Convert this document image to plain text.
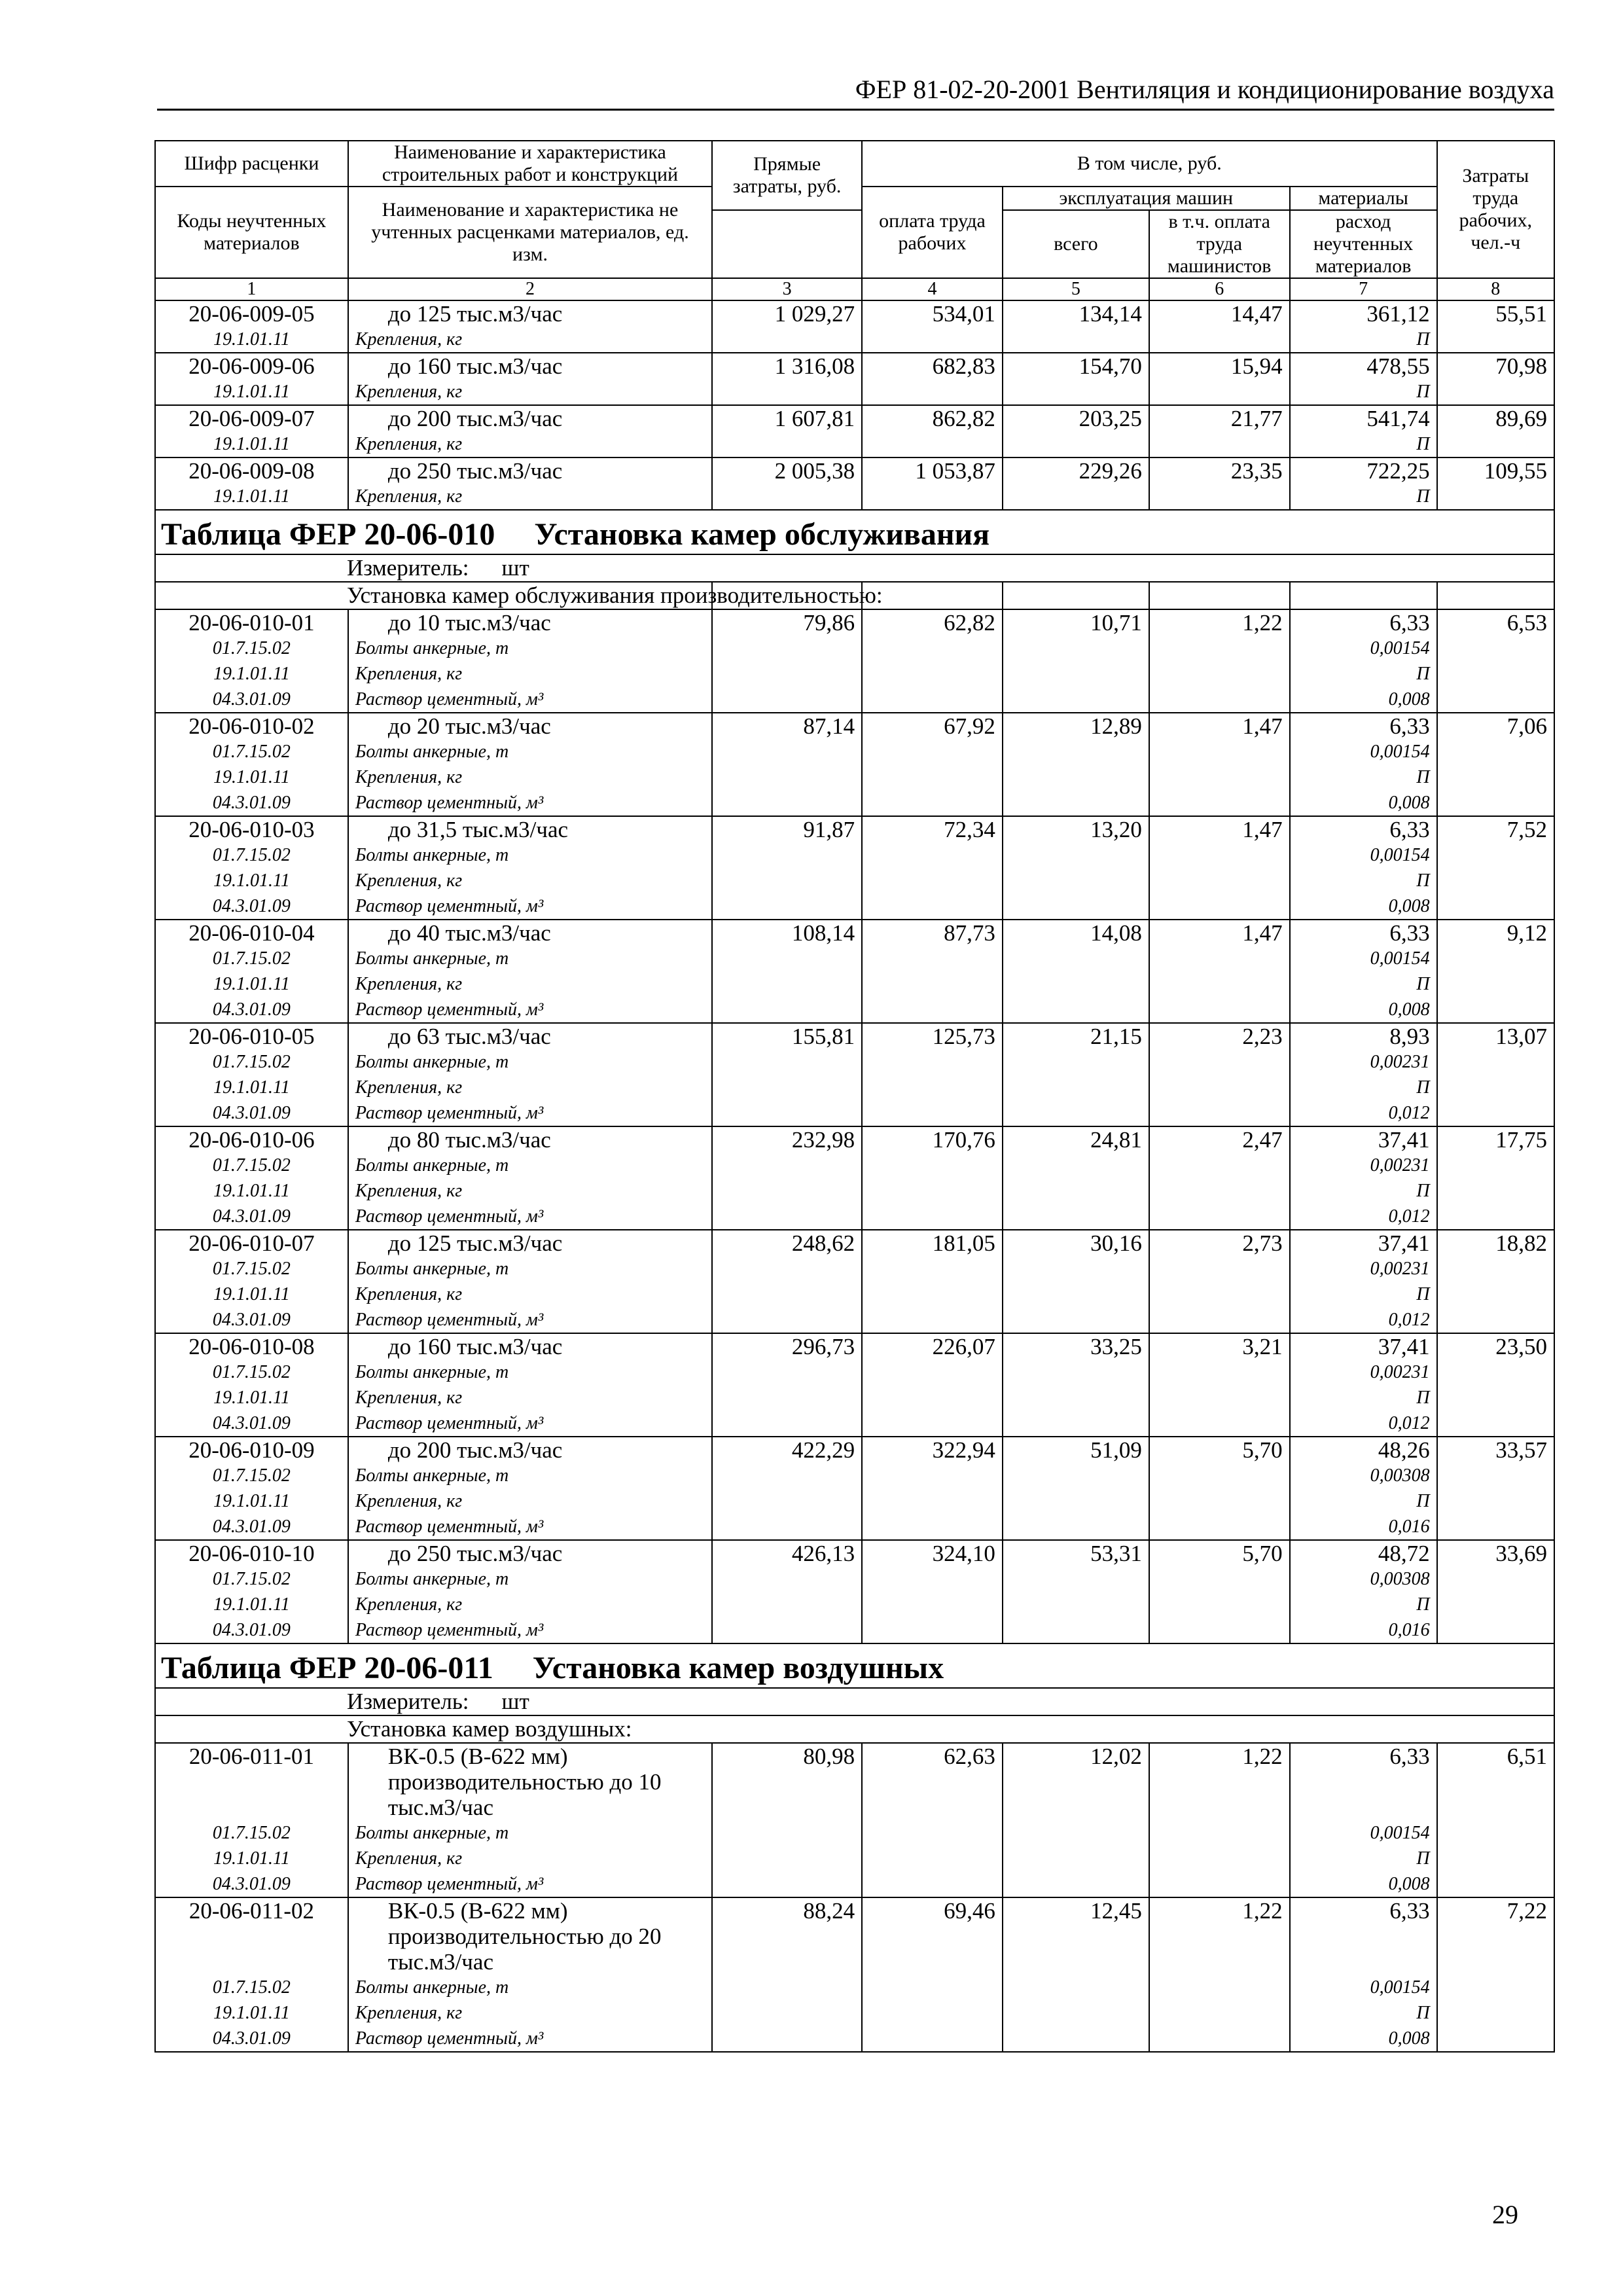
ФЕР 81-02-20-2001 Вентиляция и кондиционирование воздуха
Шифр расценки	Наименование и характеристика строительных работ и конструкций	Прямые затраты, руб.	В том числе, руб.				Затраты труда рабочих, чел.-ч
Коды неучтенных материалов	Наименование и характеристика не учтенных расценками материалов, ед. изм.						
			оплата труда рабочих	эксплуатация машин		материалы	
				всего	в т.ч. оплата труда машинистов	расход неучтенных материалов	
1	2	3	4	5	6	7	8
20-06-009-05	до 125 тыс.м3/час	1 029,27	534,01	134,14	14,47	361,12	55,51
19.1.01.11	Крепления, кг					П	
20-06-009-06	до 160 тыс.м3/час	1 316,08	682,83	154,70	15,94	478,55	70,98
19.1.01.11	Крепления, кг					П	
20-06-009-07	до 200 тыс.м3/час	1 607,81	862,82	203,25	21,77	541,74	89,69
19.1.01.11	Крепления, кг					П	
20-06-009-08	до 250 тыс.м3/час	2 005,38	1 053,87	229,26	23,35	722,25	109,55
19.1.01.11	Крепления, кг					П	
Таблица ФЕР 20-06-010 Установка камер обслуживания							
Измеритель: шт							
Установка камер обслуживания производительностью:							
20-06-010-01	до 10 тыс.м3/час	79,86	62,82	10,71	1,22	6,33	6,53
01.7.15.02	Болты анкерные, т					0,00154	
19.1.01.11	Крепления, кг					П	
04.3.01.09	Раствор цементный, м³					0,008	
20-06-010-02	до 20 тыс.м3/час	87,14	67,92	12,89	1,47	6,33	7,06
01.7.15.02	Болты анкерные, т					0,00154	
19.1.01.11	Крепления, кг					П	
04.3.01.09	Раствор цементный, м³					0,008	
20-06-010-03	до 31,5 тыс.м3/час	91,87	72,34	13,20	1,47	6,33	7,52
01.7.15.02	Болты анкерные, т					0,00154	
19.1.01.11	Крепления, кг					П	
04.3.01.09	Раствор цементный, м³					0,008	
20-06-010-04	до 40 тыс.м3/час	108,14	87,73	14,08	1,47	6,33	9,12
01.7.15.02	Болты анкерные, т					0,00154	
19.1.01.11	Крепления, кг					П	
04.3.01.09	Раствор цементный, м³					0,008	
20-06-010-05	до 63 тыс.м3/час	155,81	125,73	21,15	2,23	8,93	13,07
01.7.15.02	Болты анкерные, т					0,00231	
19.1.01.11	Крепления, кг					П	
04.3.01.09	Раствор цементный, м³					0,012	
20-06-010-06	до 80 тыс.м3/час	232,98	170,76	24,81	2,47	37,41	17,75
01.7.15.02	Болты анкерные, т					0,00231	
19.1.01.11	Крепления, кг					П	
04.3.01.09	Раствор цементный, м³					0,012	
20-06-010-07	до 125 тыс.м3/час	248,62	181,05	30,16	2,73	37,41	18,82
01.7.15.02	Болты анкерные, т					0,00231	
19.1.01.11	Крепления, кг					П	
04.3.01.09	Раствор цементный, м³					0,012	
20-06-010-08	до 160 тыс.м3/час	296,73	226,07	33,25	3,21	37,41	23,50
01.7.15.02	Болты анкерные, т					0,00231	
19.1.01.11	Крепления, кг					П	
04.3.01.09	Раствор цементный, м³					0,012	
20-06-010-09	до 200 тыс.м3/час	422,29	322,94	51,09	5,70	48,26	33,57
01.7.15.02	Болты анкерные, т					0,00308	
19.1.01.11	Крепления, кг					П	
04.3.01.09	Раствор цементный, м³					0,016	
20-06-010-10	до 250 тыс.м3/час	426,13	324,10	53,31	5,70	48,72	33,69
01.7.15.02	Болты анкерные, т					0,00308	
19.1.01.11	Крепления, кг					П	
04.3.01.09	Раствор цементный, м³					0,016	
Таблица ФЕР 20-06-011 Установка камер воздушных							
Измеритель: шт							
Установка камер воздушных:							
20-06-011-01	ВК-0.5 (В-622 мм)
производительностью до 10
тыс.м3/час	80,98	62,63	12,02	1,22	6,33	6,51
01.7.15.02	Болты анкерные, т					0,00154	
19.1.01.11	Крепления, кг					П	
04.3.01.09	Раствор цементный, м³					0,008	
20-06-011-02	ВК-0.5 (В-622 мм)
производительностью до 20
тыс.м3/час	88,24	69,46	12,45	1,22	6,33	7,22
01.7.15.02	Болты анкерные, т					0,00154	
19.1.01.11	Крепления, кг					П	
04.3.01.09	Раствор цементный, м³					0,008	
29
